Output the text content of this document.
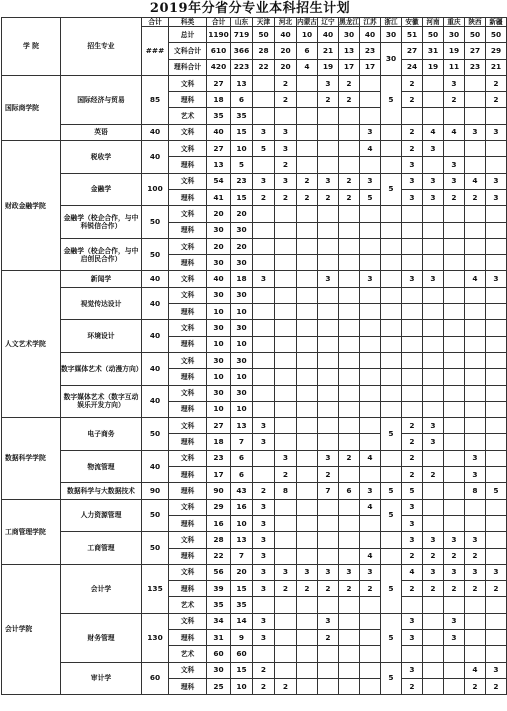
2019年分省分专业本科招生计划
学 院	招生专业	合计	科类	合计	山东	天津	河北	内蒙古	辽宁	黑龙江	江苏	浙江	安徽	河南	重庆	陕西	新疆
		###	总计	1190	719	50	40	10	40	30	40	30	51	50	30	50	50
			文科合计	610	366	28	20	6	21	13	23	30	27	31	19	27	29
			理科合计	420	223	22	20	4	19	17	17		24	19	11	23	21
国际商学院	国际经济与贸易	85	文科	27	13		2		3	2		5	2		3		2
			理科	18	6		2		2	2			2		2		2
			艺术	35	35												
	英语	40	文科	40	15	3	3				3		2	4	4	3	3
财政金融学院	税收学	40	文科	27	10	5	3				4		2	3			
			理科	13	5		2						3		3		
	金融学	100	文科	54	23	3	3	2	3	2	3	5	3	3	3	4	3
			理科	41	15	2	2	2	2	2	5		3	3	2	2	3
	金融学（校企合作，与中科锐信合作）	50	文科	20	20												
			理科	30	30												
	金融学（校企合作，与中启创民合作）	50	文科	20	20												
			理科	30	30												
人文艺术学院	新闻学	40	文科	40	18	3			3		3		3	3		4	3
	视觉传达设计	40	文科	30	30												
			理科	10	10												
	环境设计	40	文科	30	30												
			理科	10	10												
	数字媒体艺术（动漫方向）	40	文科	30	30												
			理科	10	10												
	数字媒体艺术（数字互动娱乐开发方向）	40	文科	30	30												
			理科	10	10												
数据科学学院	电子商务	50	文科	27	13	3						5	2	3			
			理科	18	7	3							2	3			
	物流管理	40	文科	23	6		3		3	2	4		2			3	
			理科	17	6		2		2				2	2		3	
	数据科学与大数据技术	90	理科	90	43	2	8		7	6	3	5	5			8	5
工商管理学院	人力资源管理	50	文科	29	16	3					4	5	3				
			理科	16	10	3							3				
	工商管理	50	文科	28	13	3							3	3	3	3	
			理科	22	7	3					4		2	2	2	2	
会计学院	会计学	135	文科	56	20	3	3	3	3	3	3	5	4	3	3	3	3
			理科	39	15	3	2	2	2	2	2		2	2	2	2	2
			艺术	35	35												
	财务管理	130	文科	34	14	3			3			5	3		3		
			理科	31	9	3			2				3		3		
			艺术	60	60												
	审计学	60	文科	30	15	2						5	3			4	3
			理科	25	10	2	2						2			2	2
